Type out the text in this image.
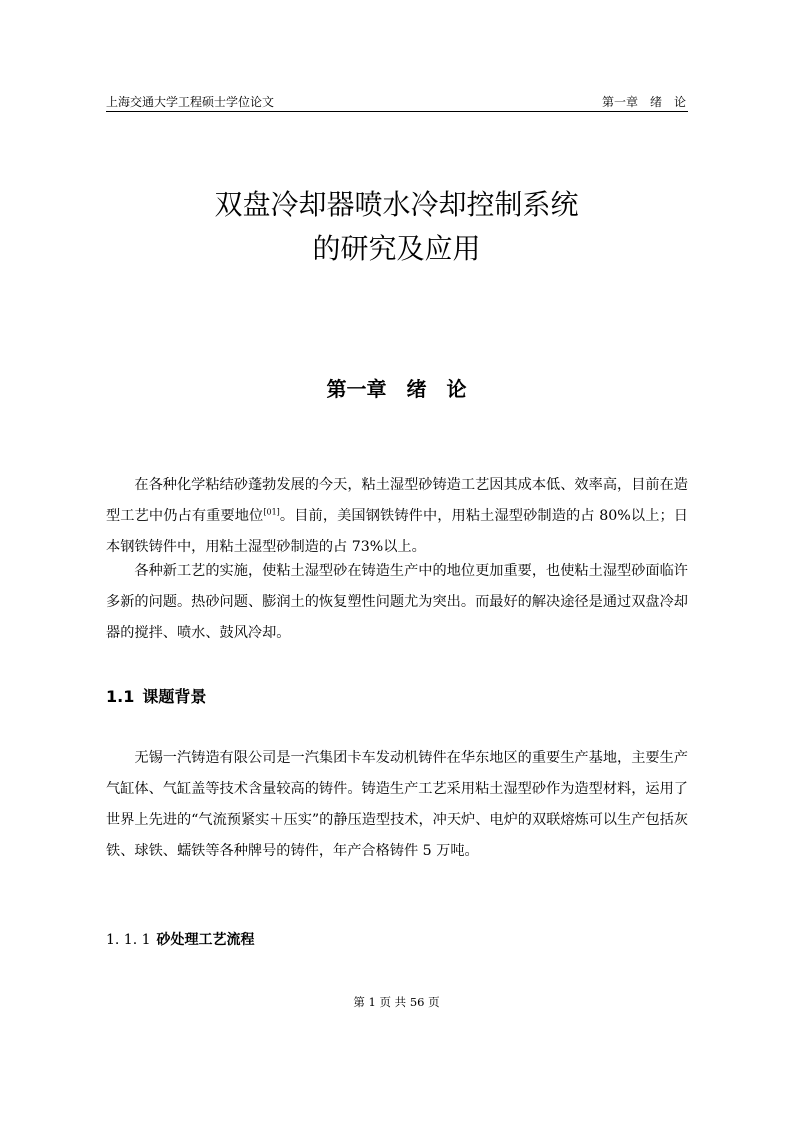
上海交通大学工程硕士学位论文	第一章　绪　论
双盘冷却器喷水冷却控制系统
的研究及应用
第一章　绪　论

在各种化学粘结砂蓬勃发展的今天，粘土湿型砂铸造工艺因其成本低、效率高，目前在造型工艺中仍占有重要地位[01]。目前，美国钢铁铸件中，用粘土湿型砂制造的占 80%以上；日本钢铁铸件中，用粘土湿型砂制造的占 73%以上。

各种新工艺的实施，使粘土湿型砂在铸造生产中的地位更加重要，也使粘土湿型砂面临许多新的问题。热砂问题、膨润土的恢复塑性问题尤为突出。而最好的解决途径是通过双盘冷却器的搅拌、喷水、鼓风冷却。

1.1 课题背景

无锡一汽铸造有限公司是一汽集团卡车发动机铸件在华东地区的重要生产基地，主要生产气缸体、气缸盖等技术含量较高的铸件。铸造生产工艺采用粘土湿型砂作为造型材料，运用了世界上先进的“气流预紧实＋压实”的静压造型技术，冲天炉、电炉的双联熔炼可以生产包括灰铁、球铁、蠕铁等各种牌号的铸件，年产合格铸件 5 万吨。

1. 1. 1 砂处理工艺流程
第 1 页 共 56 页
